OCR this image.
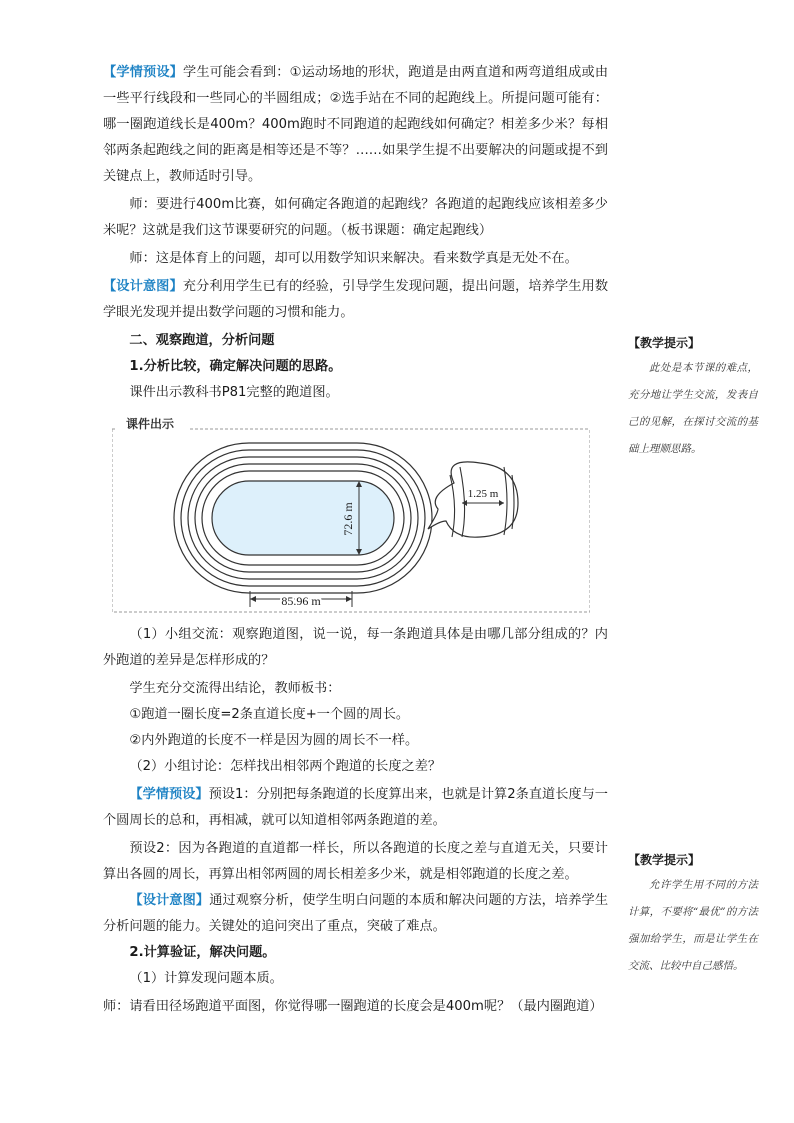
【学情预设】学生可能会看到：①运动场地的形状，跑道是由两直道和两弯道组成或由一些平行线段和一些同心的半圆组成；②选手站在不同的起跑线上。所提问题可能有：哪一圈跑道线长是400m？400m跑时不同跑道的起跑线如何确定？相差多少米？每相邻两条起跑线之间的距离是相等还是不等？……如果学生提不出要解决的问题或提不到关键点上，教师适时引导。

师：要进行400m比赛，如何确定各跑道的起跑线？各跑道的起跑线应该相差多少米呢？这就是我们这节课要研究的问题。（板书课题：确定起跑线）

师：这是体育上的问题，却可以用数学知识来解决。看来数学真是无处不在。

【设计意图】充分利用学生已有的经验，引导学生发现问题，提出问题，培养学生用数学眼光发现并提出数学问题的习惯和能力。

二、观察跑道，分析问题

1.分析比较，确定解决问题的思路。

课件出示教科书P81完整的跑道图。

（1）小组交流：观察跑道图，说一说，每一条跑道具体是由哪几部分组成的？内外跑道的差异是怎样形成的？

学生充分交流得出结论，教师板书：

①跑道一圈长度=2条直道长度+一个圆的周长。

②内外跑道的长度不一样是因为圆的周长不一样。

（2）小组讨论：怎样找出相邻两个跑道的长度之差？

【学情预设】预设1：分别把每条跑道的长度算出来，也就是计算2条直道长度与一个圆周长的总和，再相减，就可以知道相邻两条跑道的差。

预设2：因为各跑道的直道都一样长，所以各跑道的长度之差与直道无关，只要计算出各圆的周长，再算出相邻两圆的周长相差多少米，就是相邻跑道的长度之差。

【设计意图】通过观察分析，使学生明白问题的本质和解决问题的方法，培养学生分析问题的能力。关键处的追问突出了重点，突破了难点。

2.计算验证，解决问题。

（1）计算发现问题本质。

师：请看田径场跑道平面图，你觉得哪一圈跑道的长度会是400m呢？（最内圈跑道）

72.6 m
85.96 m
1.25 m
课件出示
【教学提示】
此处是本节课的难点，充分地让学生交流，发表自己的见解，在探讨交流的基础上理顺思路。
【教学提示】
允许学生用不同的方法计算，不要将“最优”的方法强加给学生，而是让学生在交流、比较中自己感悟。
